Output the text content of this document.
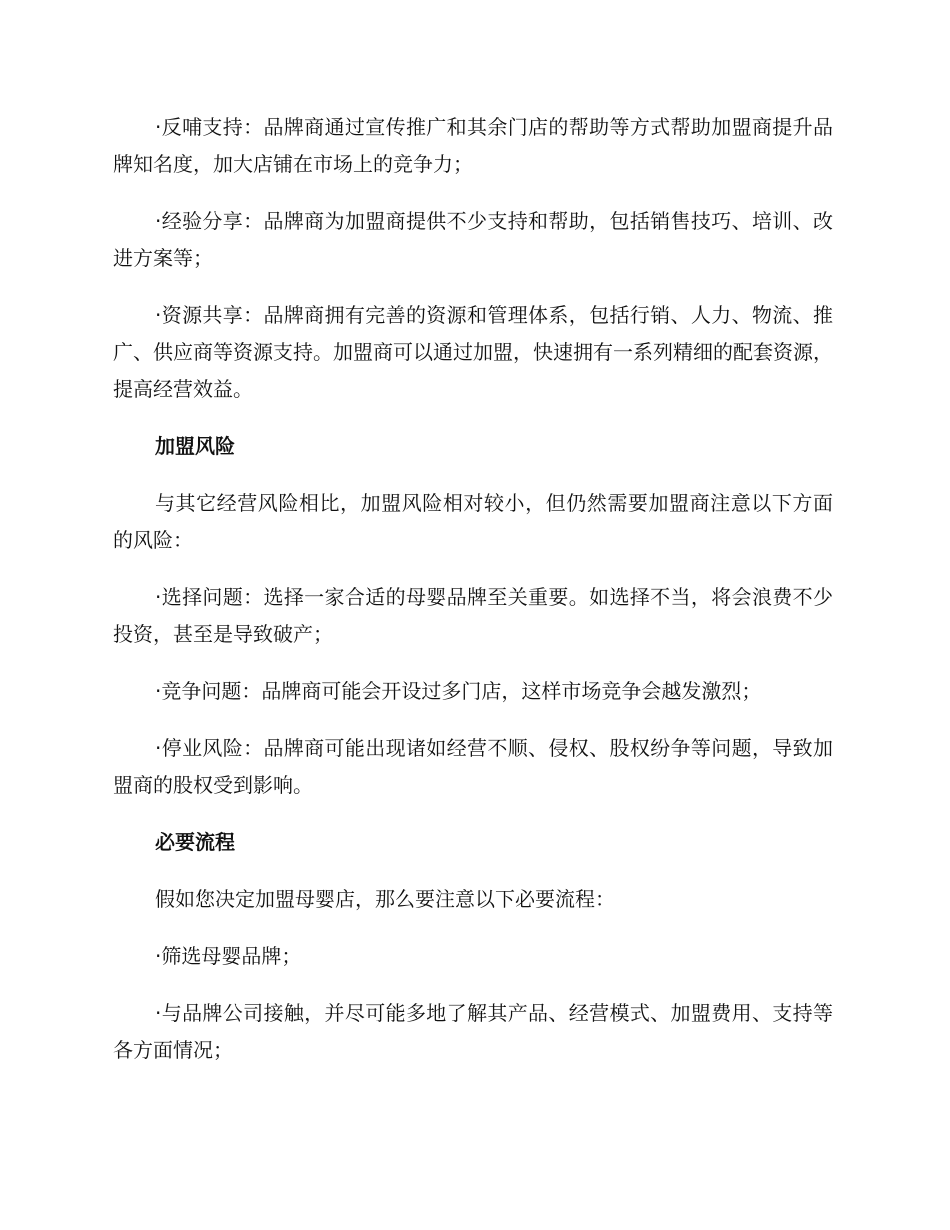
·反哺支持：品牌商通过宣传推广和其余门店的帮助等方式帮助加盟商提升品牌知名度，加大店铺在市场上的竞争力；

·经验分享：品牌商为加盟商提供不少支持和帮助，包括销售技巧、培训、改进方案等；

·资源共享：品牌商拥有完善的资源和管理体系，包括行销、人力、物流、推广、供应商等资源支持。加盟商可以通过加盟，快速拥有一系列精细的配套资源，提高经营效益。

加盟风险

与其它经营风险相比，加盟风险相对较小，但仍然需要加盟商注意以下方面的风险：

·选择问题：选择一家合适的母婴品牌至关重要。如选择不当，将会浪费不少投资，甚至是导致破产；

·竞争问题：品牌商可能会开设过多门店，这样市场竞争会越发激烈；

·停业风险：品牌商可能出现诸如经营不顺、侵权、股权纷争等问题，导致加盟商的股权受到影响。

必要流程

假如您决定加盟母婴店，那么要注意以下必要流程：

·筛选母婴品牌；

·与品牌公司接触，并尽可能多地了解其产品、经营模式、加盟费用、支持等各方面情况；
